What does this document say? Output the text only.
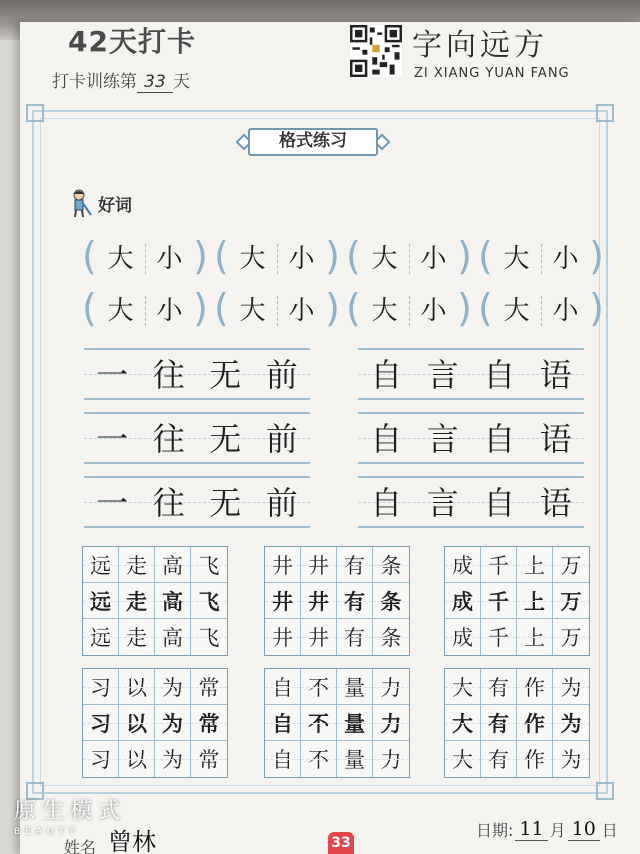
42天打卡
打卡训练第 33 天
字向远方
ZI XIANG YUAN FANG
格式练习
好词
( 大 小 ) ( 大 小 ) ( 大 小 ) ( 大 小 )
( 大 小 ) ( 大 小 ) ( 大 小 ) ( 大 小 )
一 往 无 前
一 往 无 前
一 往 无 前
自 言 自 语
自 言 自 语
自 言 自 语
远 走 高 飞
远 走 高 飞
远 走 高 飞
井 井 有 条
井 井 有 条
井 井 有 条
成 千 上 万
成 千 上 万
成 千 上 万
习 以 为 常
习 以 为 常
习 以 为 常
自 不 量 力
自 不 量 力
自 不 量 力
大 有 作 为
大 有 作 为
大 有 作 为
原生模式
BEAUTY
姓名 曾林	33
日期: 11 月 10 日
